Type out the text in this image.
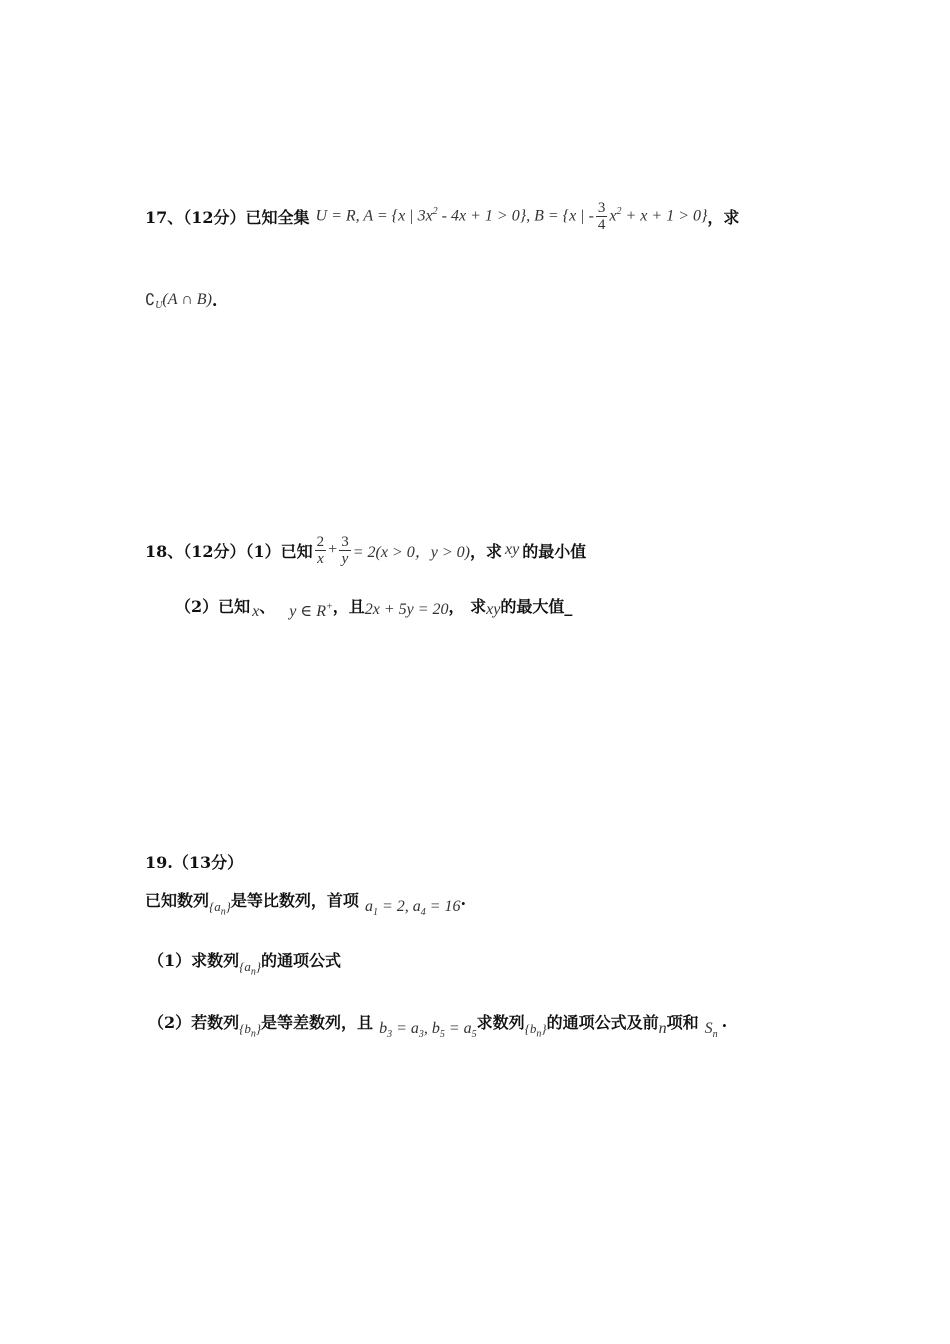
17、（12分）已知全集 U = R, A = {x | $3x^2 - 4x + 1 > 0$}, B = {x | - $\frac{3}{4} x^2 + x + 1 > 0$} ，求
$∁_U$ (A ∩ B) .
18、（12分）（1）已知 $\frac{2}{x} + \frac{3}{y} = 2(x > 0$，y > 0) ，求 xy 的最小值
（2）已知 x 、 y ∈ R+ ，且 2x + 5y = 20 ， 求 xy 的最大值_
19.（13分）
已知数列 $\{a_n\}$ 是等比数列，首项 $a_1 = 2$, $a_4 = 16$ .
（1）求数列 $\{a_n\}$ 的通项公式
（2）若数列 $\{b_n\}$ 是等差数列，且 $b_3 = a_3$, $b_5 = a_5$
求数列 $\{b_n\}$ 的通项公式及前 n 项和 $S_n$
.
